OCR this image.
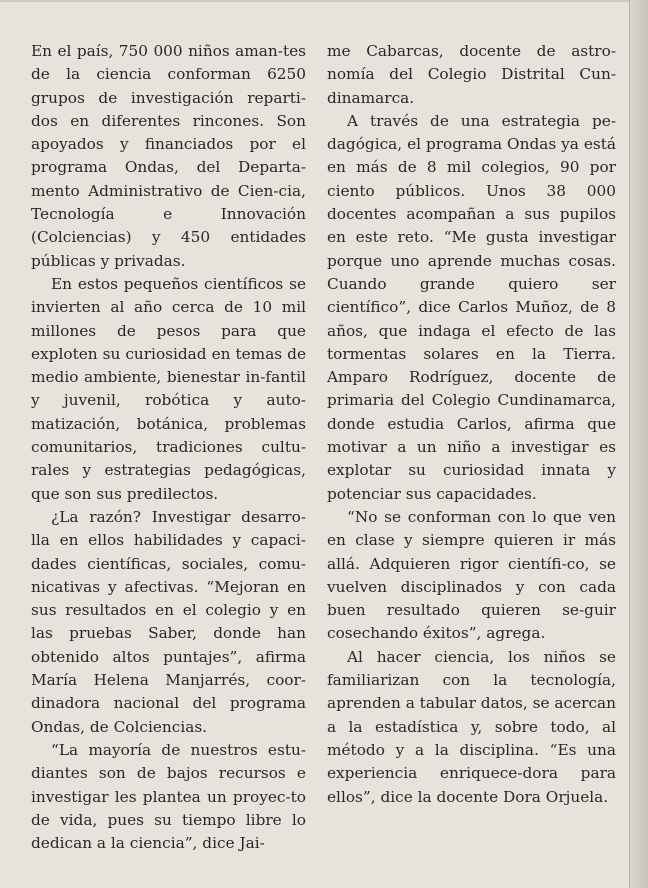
En el país, 750 000 niños aman-tes de la ciencia conforman 6250 grupos de investigación reparti-dos en diferentes rincones. Son apoyados y financiados por el programa Ondas, del Departa-mento Administrativo de Cien-cia, Tecnología e Innovación (Colciencias) y 450 entidades públicas y privadas.

En estos pequeños científicos se invierten al año cerca de 10 mil millones de pesos para que exploten su curiosidad en temas de medio ambiente, bienestar in-fantil y juvenil, robótica y auto-matización, botánica, problemas comunitarios, tradiciones cultu-rales y estrategias pedagógicas, que son sus predilectos.

¿La razón? Investigar desarro-lla en ellos habilidades y capaci-dades científicas, sociales, comu-nicativas y afectivas. “Mejoran en sus resultados en el colegio y en las pruebas Saber, donde han obtenido altos puntajes”, afirma María Helena Manjarrés, coor-dinadora nacional del programa Ondas, de Colciencias.

“La mayoría de nuestros estu-diantes son de bajos recursos e investigar les plantea un proyec-to de vida, pues su tiempo libre lo dedican a la ciencia”, dice Jai-

me Cabarcas, docente de astro-nomía del Colegio Distrital Cun-dinamarca.

A través de una estrategia pe-dagógica, el programa Ondas ya está en más de 8 mil colegios, 90 por ciento públicos. Unos 38 000 docentes acompañan a sus pupilos en este reto. “Me gusta investigar porque uno aprende muchas cosas. Cuando grande quiero ser científico”, dice Carlos Muñoz, de 8 años, que indaga el efecto de las tormentas solares en la Tierra. Amparo Rodríguez, docente de primaria del Colegio Cundinamarca, donde estudia Carlos, afirma que motivar a un niño a investigar es explotar su curiosidad innata y potenciar sus capacidades.

“No se conforman con lo que ven en clase y siempre quieren ir más allá. Adquieren rigor científi-co, se vuelven disciplinados y con cada buen resultado quieren se-guir cosechando éxitos”, agrega.

Al hacer ciencia, los niños se familiarizan con la tecnología, aprenden a tabular datos, se acercan a la estadística y, sobre todo, al método y a la disciplina. “Es una experiencia enriquece-dora para ellos”, dice la docente Dora Orjuela.
